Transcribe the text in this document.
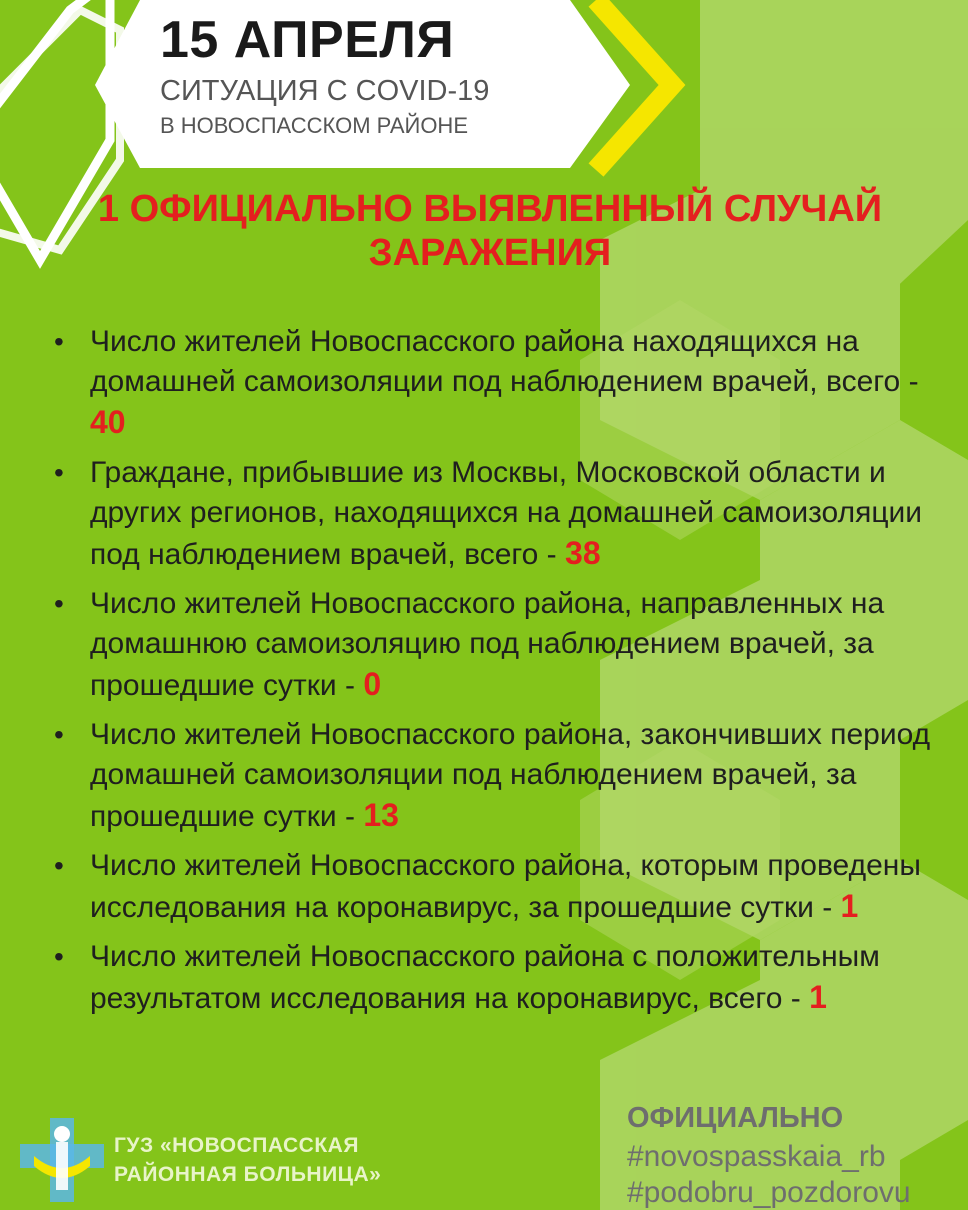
15 АПРЕЛЯ
СИТУАЦИЯ С COVID-19
В НОВОСПАССКОМ РАЙОНЕ
1 ОФИЦИАЛЬНО ВЫЯВЛЕННЫЙ СЛУЧАЙ ЗАРАЖЕНИЯ
• Число жителей Новоспасского района находящихся на домашней самоизоляции под наблюдением врачей, всего - 40
• Граждане, прибывшие из Москвы, Московской области и других регионов, находящихся на домашней самоизоляции под наблюдением врачей, всего - 38
• Число жителей Новоспасского района, направленных на домашнюю самоизоляцию под наблюдением врачей, за прошедшие сутки - 0
• Число жителей Новоспасского района, закончивших период домашней самоизоляции под наблюдением врачей, за прошедшие сутки - 13
• Число жителей Новоспасского района, которым проведены исследования на коронавирус, за прошедшие сутки - 1
• Число жителей Новоспасского района с положительным результатом исследования на коронавирус, всего - 1
ГУЗ «НОВОСПАССКАЯ
РАЙОННАЯ БОЛЬНИЦА»
ОФИЦИАЛЬНО
#novospasskaia_rb
#podobru_pozdorovu
